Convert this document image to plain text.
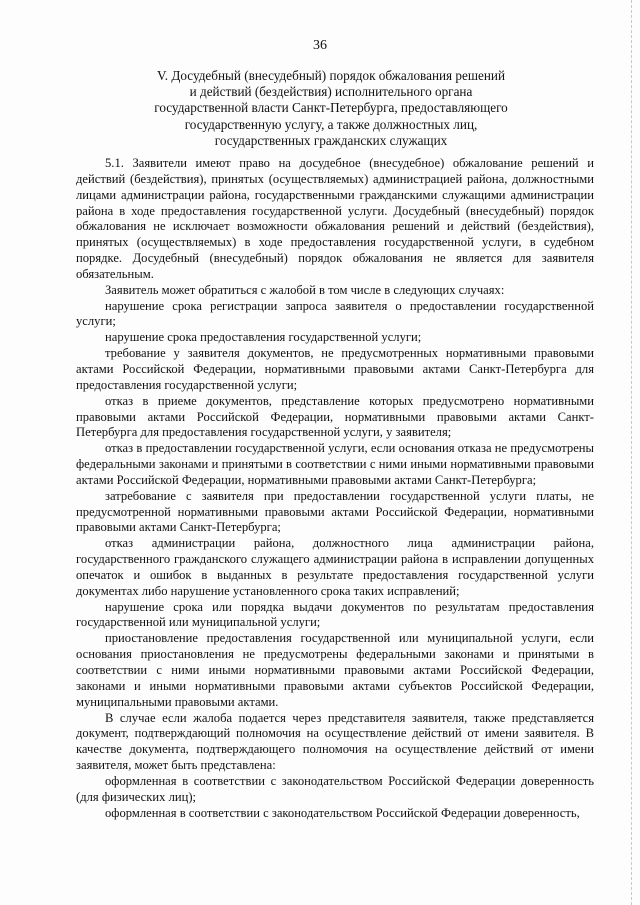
36
V. Досудебный (внесудебный) порядок обжалования решений
и действий (бездействия) исполнительного органа
государственной власти Санкт-Петербурга, предоставляющего
государственную услугу, а также должностных лиц,
государственных гражданских служащих

5.1. Заявители имеют право на досудебное (внесудебное) обжалование решений и действий (бездействия), принятых (осуществляемых) администрацией района, должностными лицами администрации района, государственными гражданскими служащими администрации района в ходе предоставления государственной услуги. Досудебный (внесудебный) порядок обжалования не исключает возможности обжалования решений и действий (бездействия), принятых (осуществляемых) в ходе предоставления государственной услуги, в судебном порядке. Досудебный (внесудебный) порядок обжалования не является для заявителя обязательным.

Заявитель может обратиться с жалобой в том числе в следующих случаях:

нарушение срока регистрации запроса заявителя о предоставлении государственной услуги;

нарушение срока предоставления государственной услуги;

требование у заявителя документов, не предусмотренных нормативными правовыми актами Российской Федерации, нормативными правовыми актами Санкт-Петербурга для предоставления государственной услуги;

отказ в приеме документов, представление которых предусмотрено нормативными правовыми актами Российской Федерации, нормативными правовыми актами Санкт-Петербурга для предоставления государственной услуги, у заявителя;

отказ в предоставлении государственной услуги, если основания отказа не предусмотрены федеральными законами и принятыми в соответствии с ними иными нормативными правовыми актами Российской Федерации, нормативными правовыми актами Санкт-Петербурга;

затребование с заявителя при предоставлении государственной услуги платы, не предусмотренной нормативными правовыми актами Российской Федерации, нормативными правовыми актами Санкт-Петербурга;

отказ администрации района, должностного лица администрации района, государственного гражданского служащего администрации района в исправлении допущенных опечаток и ошибок в выданных в результате предоставления государственной услуги документах либо нарушение установленного срока таких исправлений;

нарушение срока или порядка выдачи документов по результатам предоставления государственной или муниципальной услуги;

приостановление предоставления государственной или муниципальной услуги, если основания приостановления не предусмотрены федеральными законами и принятыми в соответствии с ними иными нормативными правовыми актами Российской Федерации, законами и иными нормативными правовыми актами субъектов Российской Федерации, муниципальными правовыми актами.

В случае если жалоба подается через представителя заявителя, также представляется документ, подтверждающий полномочия на осуществление действий от имени заявителя. В качестве документа, подтверждающего полномочия на осуществление действий от имени заявителя, может быть представлена:

оформленная в соответствии с законодательством Российской Федерации доверенность (для физических лиц);

оформленная в соответствии с законодательством Российской Федерации доверенность,
